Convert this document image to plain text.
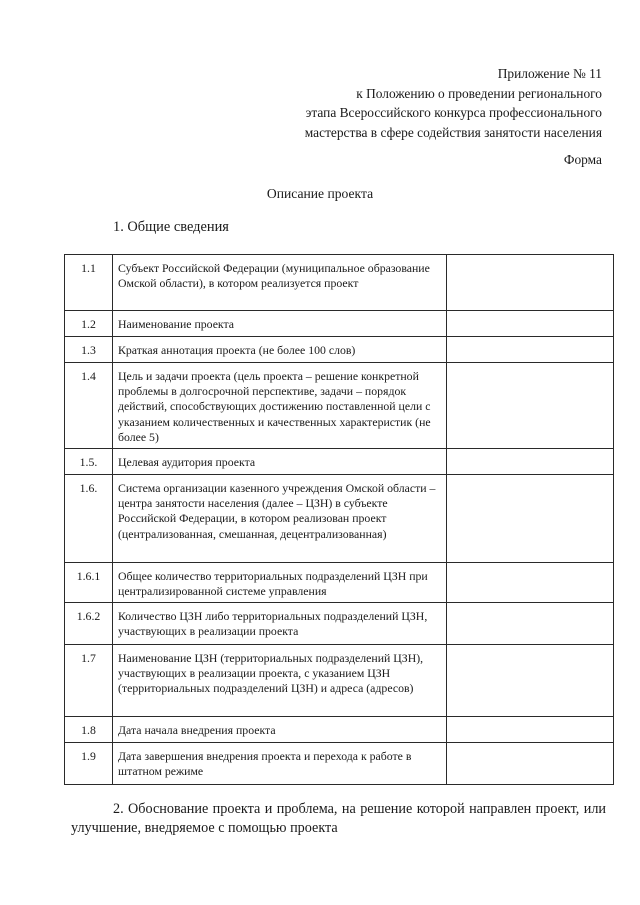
Приложение № 11
к Положению о проведении регионального
этапа Всероссийского конкурса профессионального
мастерства в сфере содействия занятости населения
Форма
Описание проекта
1. Общие сведения
1.1	Субъект Российской Федерации (муниципальное образование Омской области), в котором реализуется проект	
1.2	Наименование проекта	
1.3	Краткая аннотация проекта (не более 100 слов)	
1.4	Цель и задачи проекта (цель проекта – решение конкретной проблемы в долгосрочной перспективе, задачи – порядок действий, способствующих достижению поставленной цели с указанием количественных и качественных характеристик (не более 5)	
1.5.	Целевая аудитория проекта	
1.6.	Система организации казенного учреждения Омской области – центра занятости населения (далее – ЦЗН) в субъекте Российской Федерации, в котором реализован проект (централизованная, смешанная, децентрализованная)	
1.6.1	Общее количество территориальных подразделений ЦЗН при централизированной системе управления	
1.6.2	Количество ЦЗН либо территориальных подразделений ЦЗН, участвующих в реализации проекта	
1.7	Наименование ЦЗН (территориальных подразделений ЦЗН), участвующих в реализации проекта, с указанием ЦЗН (территориальных подразделений ЦЗН) и адреса (адресов)	
1.8	Дата начала внедрения проекта	
1.9	Дата завершения внедрения проекта и перехода к работе в штатном режиме	
2. Обоснование проекта и проблема, на решение которой направлен проект, или улучшение, внедряемое с помощью проекта
